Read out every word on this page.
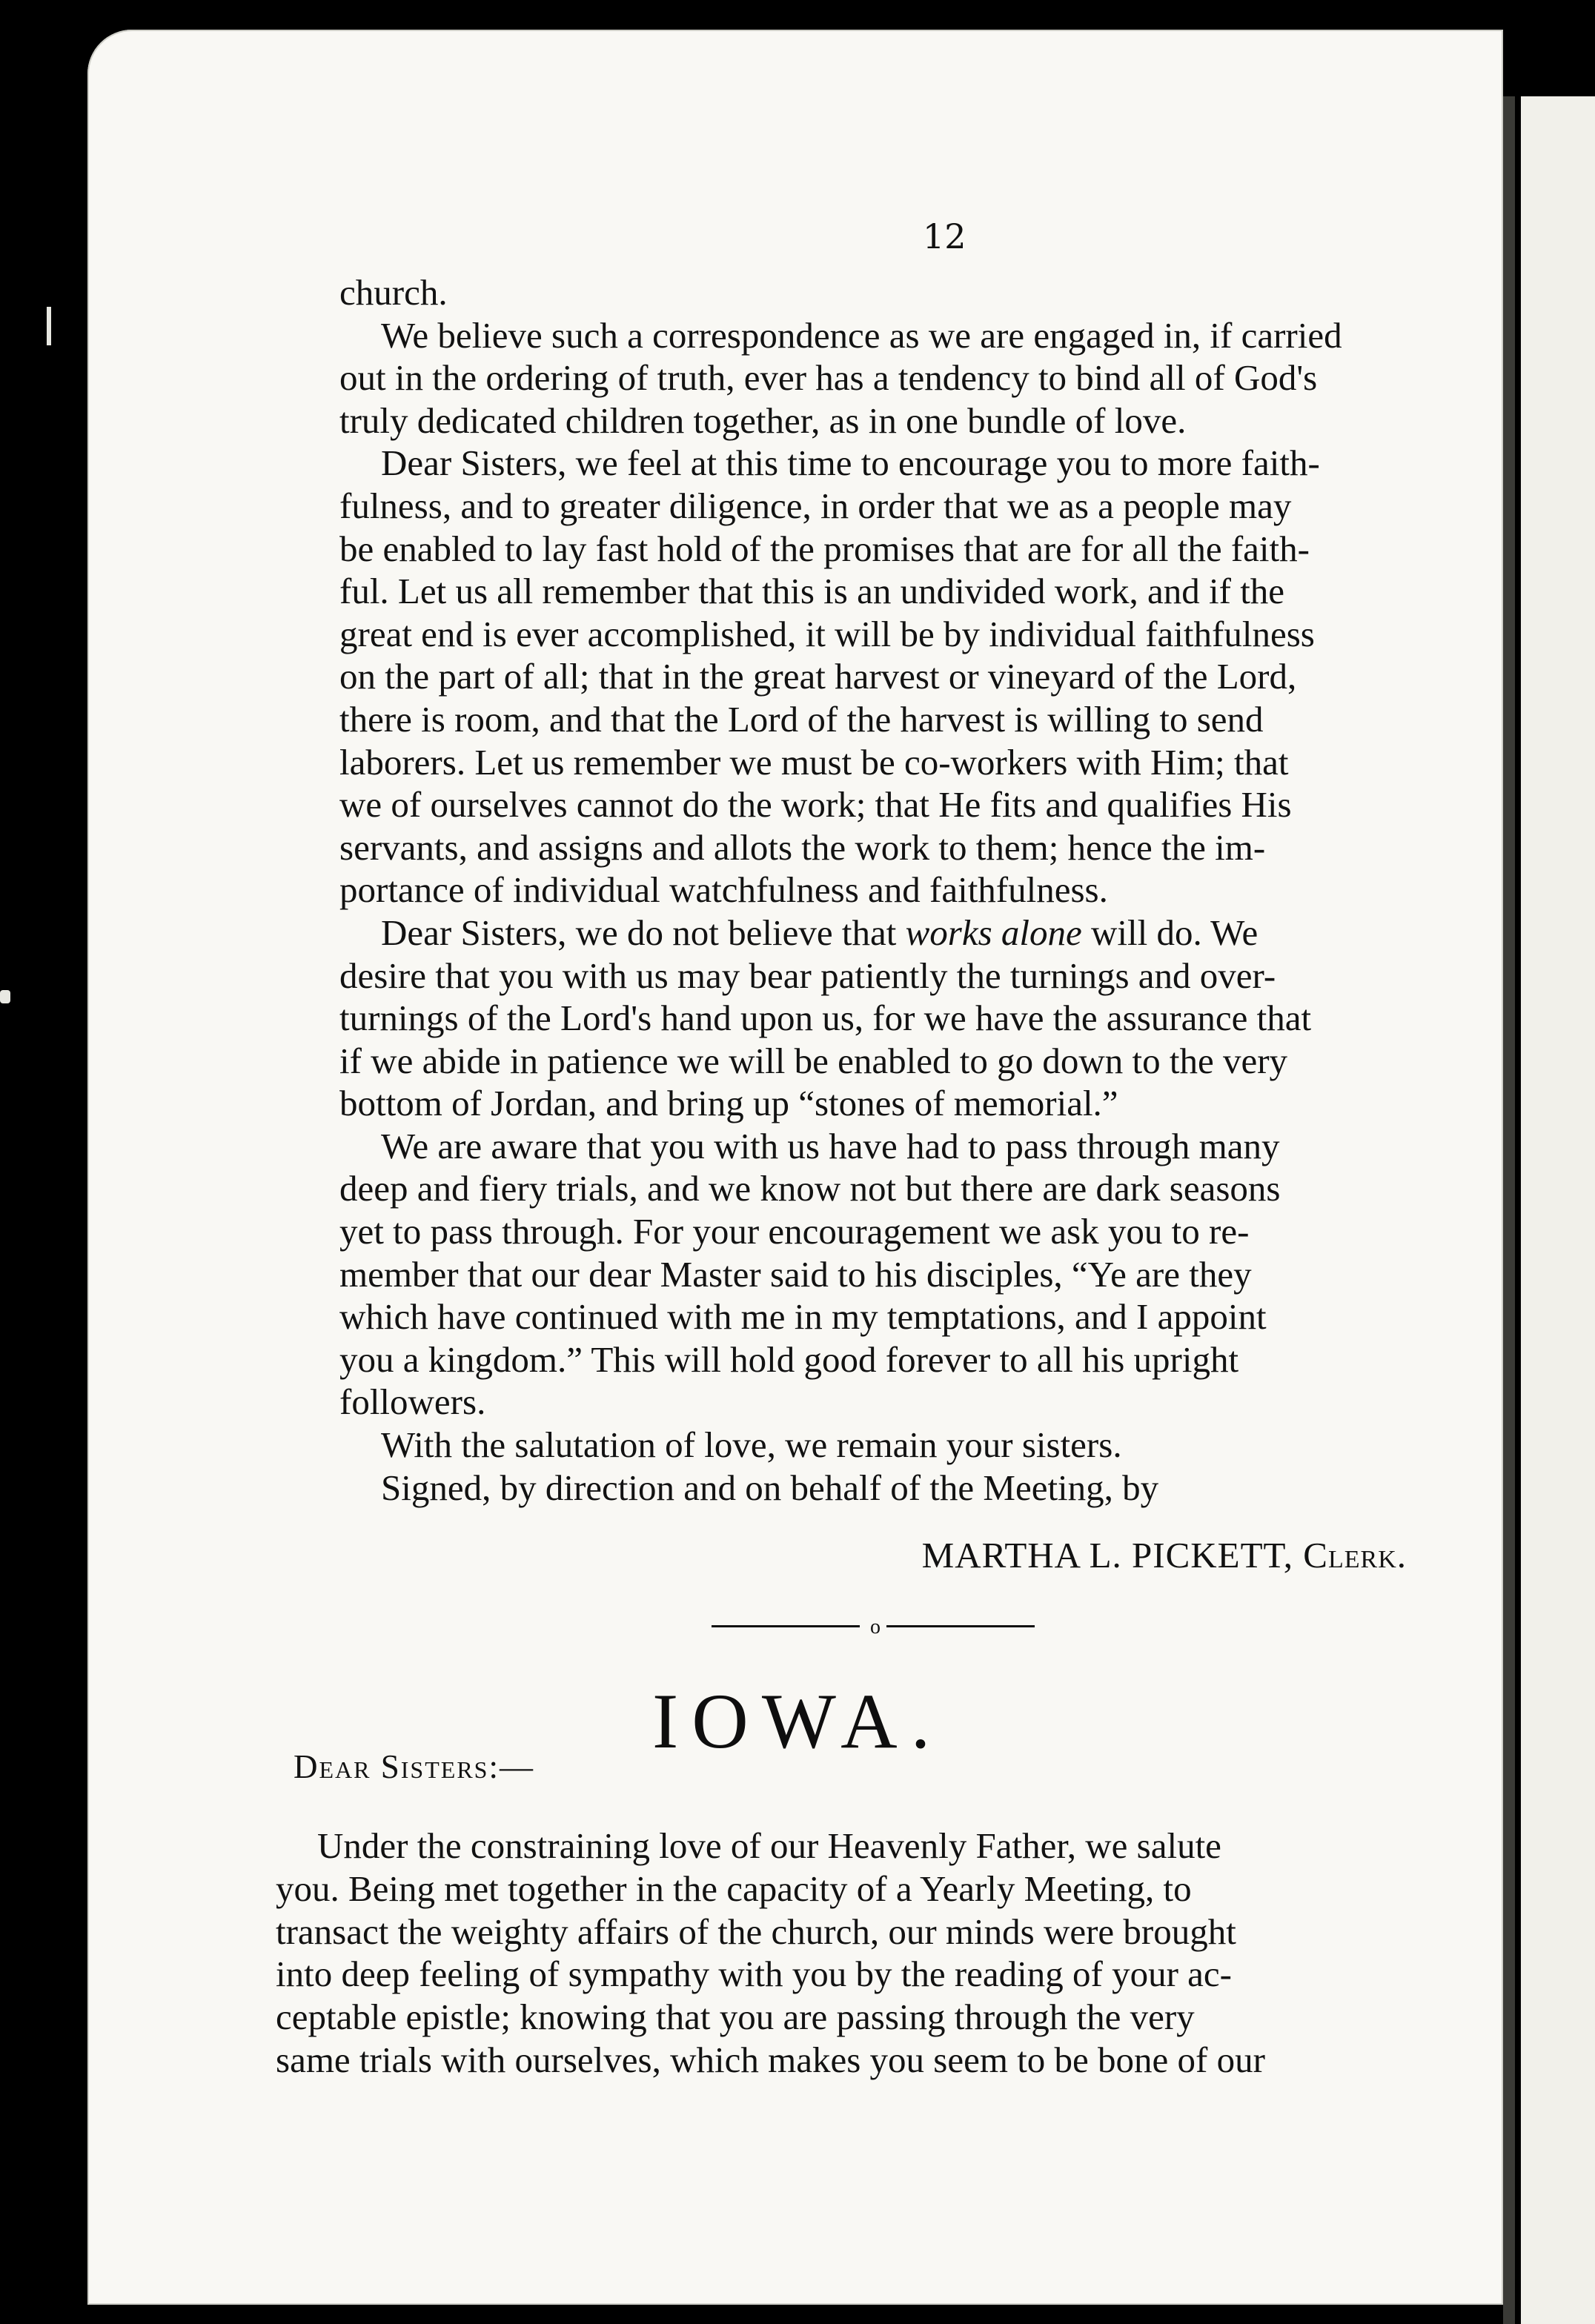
12
church.
We believe such a correspondence as we are engaged in, if carried
out in the ordering of truth, ever has a tendency to bind all of God's
truly dedicated children together, as in one bundle of love.
Dear Sisters, we feel at this time to encourage you to more faith-
fulness, and to greater diligence, in order that we as a people may
be enabled to lay fast hold of the promises that are for all the faith-
ful. Let us all remember that this is an undivided work, and if the
great end is ever accomplished, it will be by individual faithfulness
on the part of all; that in the great harvest or vineyard of the Lord,
there is room, and that the Lord of the harvest is willing to send
laborers. Let us remember we must be co-workers with Him; that
we of ourselves cannot do the work; that He fits and qualifies His
servants, and assigns and allots the work to them; hence the im-
portance of individual watchfulness and faithfulness.
Dear Sisters, we do not believe that works alone will do. We
desire that you with us may bear patiently the turnings and over-
turnings of the Lord's hand upon us, for we have the assurance that
if we abide in patience we will be enabled to go down to the very
bottom of Jordan, and bring up “stones of memorial.”
We are aware that you with us have had to pass through many
deep and fiery trials, and we know not but there are dark seasons
yet to pass through. For your encouragement we ask you to re-
member that our dear Master said to his disciples, “Ye are they
which have continued with me in my temptations, and I appoint
you a kingdom.” This will hold good forever to all his upright
followers.
With the salutation of love, we remain your sisters.
Signed, by direction and on behalf of the Meeting, by
MARTHA L. PICKETT, Clerk.
o
IOWA.
Dear Sisters:—
Under the constraining love of our Heavenly Father, we salute
you. Being met together in the capacity of a Yearly Meeting, to
transact the weighty affairs of the church, our minds were brought
into deep feeling of sympathy with you by the reading of your ac-
ceptable epistle; knowing that you are passing through the very
same trials with ourselves, which makes you seem to be bone of our
